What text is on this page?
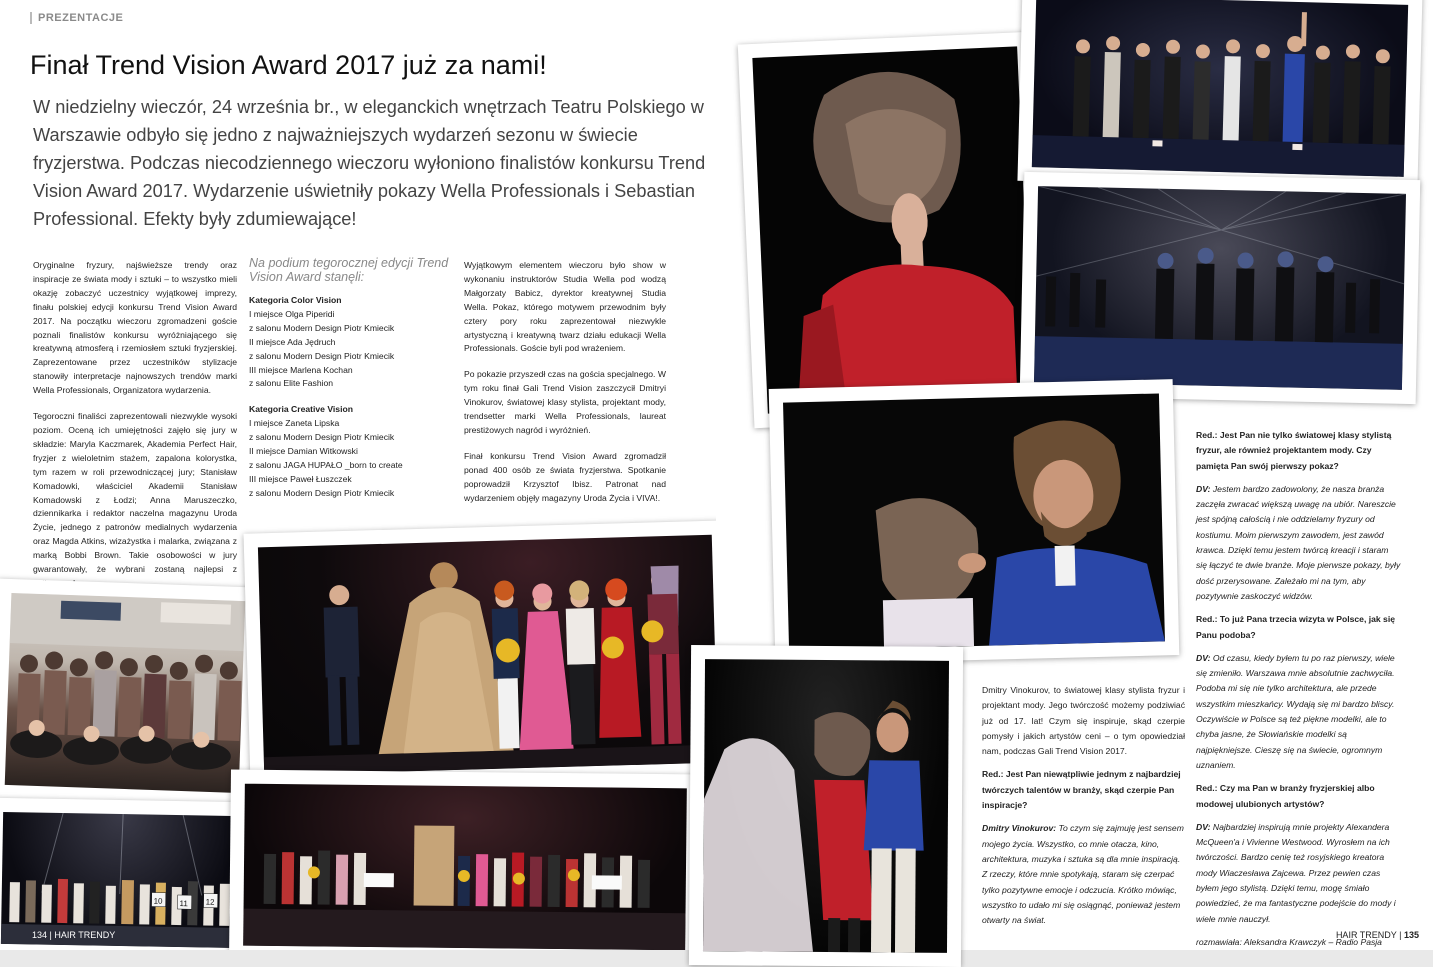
PREZENTACJE
Finał Trend Vision Award 2017 już za nami!
W niedzielny wieczór, 24 września br., w eleganckich wnętrzach Teatru Polskiego w Warszawie odbyło się jedno z najważniejszych wydarzeń sezonu w świecie fryzjerstwa. Podczas niecodziennego wieczoru wyłoniono finalistów konkursu Trend Vision Award 2017. Wydarzenie uświetniły pokazy Wella Professionals i Sebastian Professional. Efekty były zdumiewające!

Oryginalne fryzury, najświeższe trendy oraz inspiracje ze świata mody i sztuki – to wszystko mieli okazję zobaczyć uczestnicy wyjątkowej imprezy, finału polskiej edycji konkursu Trend Vision Award 2017. Na początku wieczoru zgromadzeni goście poznali finalistów konkursu wyróżniającego się kreatywną atmosferą i rzemiosłem sztuki fryzjerskiej. Zaprezentowane przez uczestników stylizacje stanowiły interpretacje najnowszych trendów marki Wella Professionals, Organizatora wydarzenia.

Tegoroczni finaliści zaprezentowali niezwykle wysoki poziom. Oceną ich umiejętności zajęło się jury w składzie: Maryla Kaczmarek, Akademia Perfect Hair, fryzjer z wieloletnim stażem, zapalona kolorystka, tym razem w roli przewodniczącej jury; Stanisław Komadowki, właściciel Akademii Stanisław Komadowski z Łodzi; Anna Maruszeczko, dziennikarka i redaktor naczelna magazynu Uroda Życie, jednego z patronów medialnych wydarzenia oraz Magda Atkins, wizażystka i malarka, związana z marką Bobbi Brown. Takie osobowości w jury gwarantowały, że wybrani zostaną najlepsi z

Na podium tegorocznej edycji Trend Vision Award stanęli:
Kategoria Color Vision
I miejsce Olga Piperidi
z salonu Modern Design Piotr Kmiecik
II miejsce Ada Jędruch
z salonu Modern Design Piotr Kmiecik
III miejsce Marlena Kochan
z salonu Elite Fashion
Kategoria Creative Vision
I miejsce Zaneta Lipska
z salonu Modern Design Piotr Kmiecik
II miejsce Damian Witkowski
z salonu JAGA HUPAŁO _born to create
III miejsce Paweł Łuszczek
z salonu Modern Design Piotr Kmiecik

Wyjątkowym elementem wieczoru było show w wykonaniu instruktorów Studia Wella pod wodzą Małgorzaty Babicz, dyrektor kreatywnej Studia Wella. Pokaz, którego motywem przewodnim były cztery pory roku zaprezentował niezwykle artystyczną i kreatywną twarz działu edukacji Wella Professionals. Goście byli pod wrażeniem.

Po pokazie przyszedł czas na gościa specjalnego. W tym roku finał Gali Trend Vision zaszczycił Dmitryi Vinokurov, światowej klasy stylista, projektant mody, trendsetter marki Wella Professionals, laureat prestiżowych nagród i wyróżnień.

Finał konkursu Trend Vision Award zgromadził ponad 400 osób ze świata fryzjerstwa. Spotkanie poprowadził Krzysztof Ibisz. Patronat nad wydarzeniem objęły magazyny Uroda Życia i VIVA!.

10 11 12
134 | HAIR TRENDY

Red.: Jest Pan nie tylko światowej klasy stylistą fryzur, ale również projektantem mody. Czy pamięta Pan swój pierwszy pokaz?

DV: Jestem bardzo zadowolony, że nasza branża zaczęła zwracać większą uwagę na ubiór. Nareszcie jest spójną całością i nie oddzielamy fryzury od kostiumu. Moim pierwszym zawodem, jest zawód krawca. Dzięki temu jestem twórcą kreacji i staram się łączyć te dwie branże. Moje pierwsze pokazy, były dość przerysowane. Zależało mi na tym, aby pozytywnie zaskoczyć widzów.

Red.: To już Pana trzecia wizyta w Polsce, jak się Panu podoba?

DV: Od czasu, kiedy byłem tu po raz pierwszy, wiele się zmieniło. Warszawa mnie absolutnie zachwyciła. Podoba mi się nie tylko architektura, ale przede wszystkim mieszkańcy. Wydają się mi bardzo bliscy. Oczywiście w Polsce są też piękne modelki, ale to chyba jasne, że Słowiańskie modelki są najpiękniejsze. Cieszę się na świecie, ogromnym uznaniem.

Red.: Czy ma Pan w branży fryzjerskiej albo modowej ulubionych artystów?

DV: Najbardziej inspirują mnie projekty Alexandera McQueen'a i Vivienne Westwood. Wyrosłem na ich twórczości. Bardzo cenię też rosyjskiego kreatora mody Wiaczesława Zajcewa. Przez pewien czas byłem jego stylistą. Dzięki temu, mogę śmiało powiedzieć, że ma fantastyczne podejście do mody i wiele mnie nauczył.

rozmawiała: Aleksandra Krawczyk – Radio Pasja

Dmitry Vinokurov, to światowej klasy stylista fryzur i projektant mody. Jego twórczość możemy podziwiać już od 17. lat! Czym się inspiruje, skąd czerpie pomysły i jakich artystów ceni – o tym opowiedział nam, podczas Gali Trend Vision 2017.

Red.: Jest Pan niewątpliwie jednym z najbardziej twórczych talentów w branży, skąd czerpie Pan inspiracje?

Dmitry Vinokurov: To czym się zajmuję jest sensem mojego życia. Wszystko, co mnie otacza, kino, architektura, muzyka i sztuka są dla mnie inspiracją. Z rzeczy, które mnie spotykają, staram się czerpać tylko pozytywne emocje i odczucia. Krótko mówiąc, wszystko to udało mi się osiągnąć, ponieważ jestem otwarty na świat.

HAIR TRENDY | 135
